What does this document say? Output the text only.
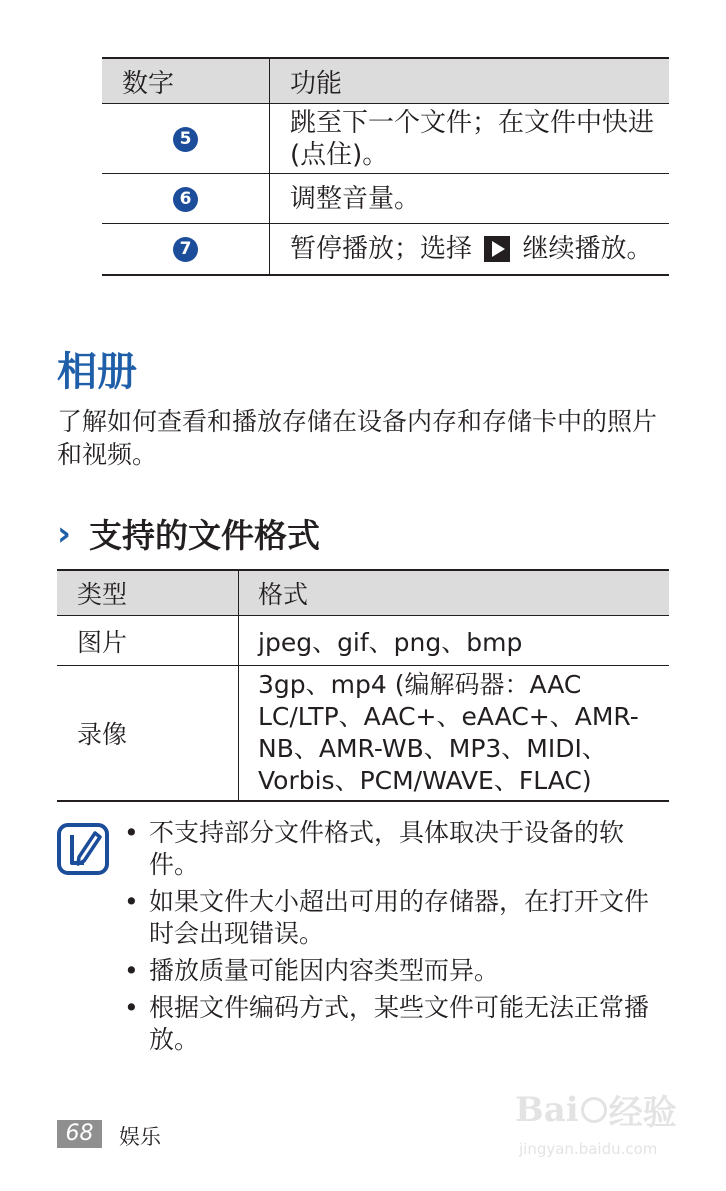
数字	功能
5	跳至下一个文件；在文件中快进 (点住)。
6	调整音量。
7	暂停播放；选择 继续播放。
相册

了解如何查看和播放存储在设备内存和存储卡中的照片和视频。

› 支持的文件格式
类型	格式
图片	jpeg、gif、png、bmp
录像	3gp、mp4 (编解码器：AAC LC/LTP、AAC+、eAAC+、AMR-NB、AMR-WB、MP3、MIDI、Vorbis、PCM/WAVE、FLAC)
• 不支持部分文件格式，具体取决于设备的软件。
• 如果文件大小超出可用的存储器，在打开文件时会出现错误。
• 播放质量可能因内容类型而异。
• 根据文件编码方式，某些文件可能无法正常播放。
68	娱乐
Bai 经验
jingyan.baidu.com
